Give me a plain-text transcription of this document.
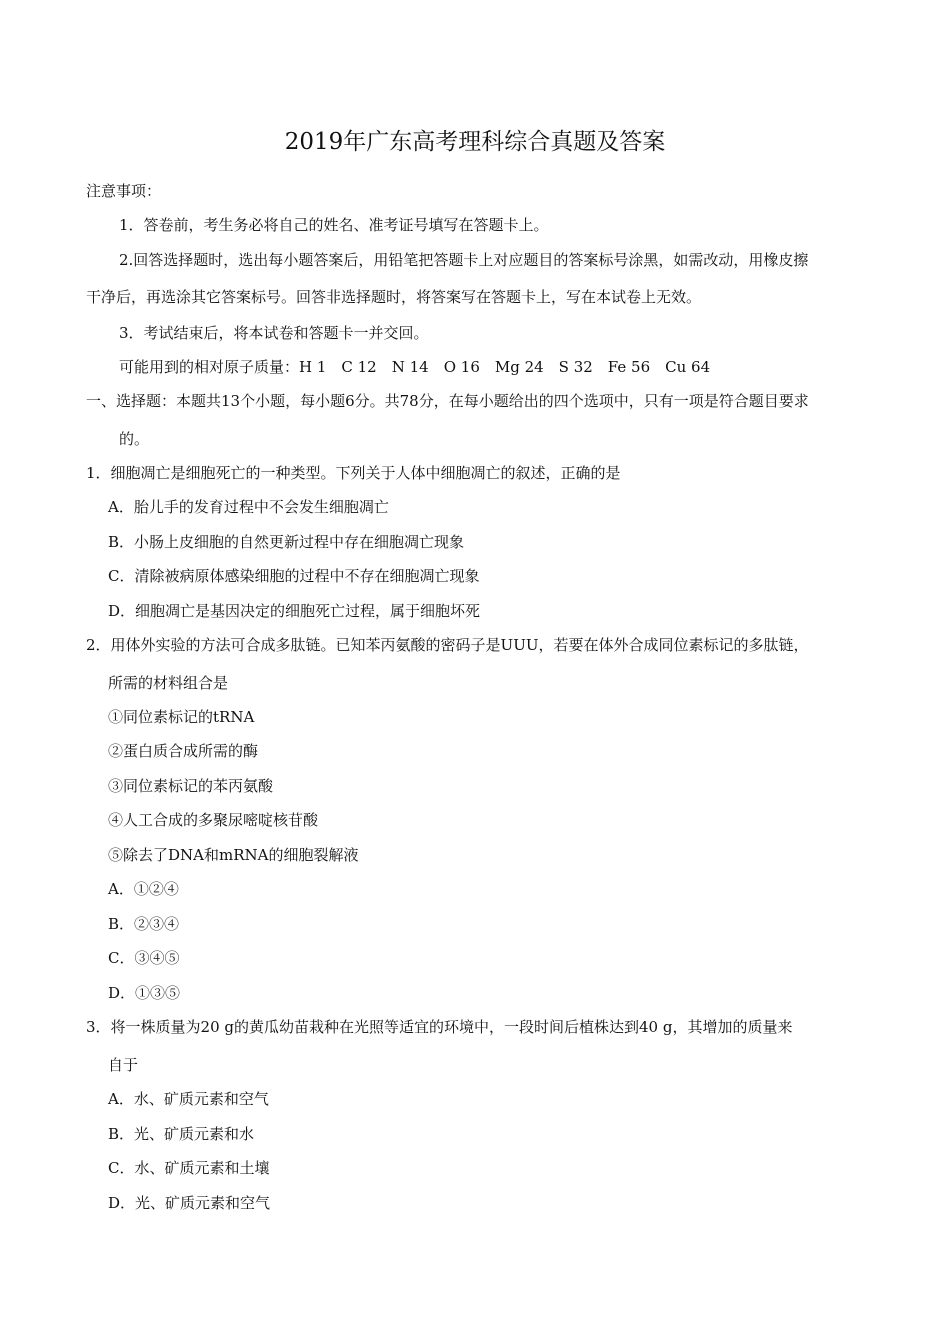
2019年广东高考理科综合真题及答案
注意事项：
1．答卷前，考生务必将自己的姓名、准考证号填写在答题卡上。
2.回答选择题时，选出每小题答案后，用铅笔把答题卡上对应题目的答案标号涂黑，如需改动，用橡皮擦
干净后，再选涂其它答案标号。回答非选择题时，将答案写在答题卡上，写在本试卷上无效。
3．考试结束后，将本试卷和答题卡一并交回。
可能用到的相对原子质量：H 1　C 12　N 14　O 16　Mg 24　S 32　Fe 56　Cu 64
一、选择题：本题共13个小题，每小题6分。共78分，在每小题给出的四个选项中，只有一项是符合题目要求
的。
1．细胞凋亡是细胞死亡的一种类型。下列关于人体中细胞凋亡的叙述，正确的是
A．胎儿手的发育过程中不会发生细胞凋亡
B．小肠上皮细胞的自然更新过程中存在细胞凋亡现象
C．清除被病原体感染细胞的过程中不存在细胞凋亡现象
D．细胞凋亡是基因决定的细胞死亡过程，属于细胞坏死
2．用体外实验的方法可合成多肽链。已知苯丙氨酸的密码子是UUU，若要在体外合成同位素标记的多肽链，
所需的材料组合是
①同位素标记的tRNA
②蛋白质合成所需的酶
③同位素标记的苯丙氨酸
④人工合成的多聚尿嘧啶核苷酸
⑤除去了DNA和mRNA的细胞裂解液
A．①②④
B．②③④
C．③④⑤
D．①③⑤
3．将一株质量为20 g的黄瓜幼苗栽种在光照等适宜的环境中，一段时间后植株达到40 g，其增加的质量来
自于
A．水、矿质元素和空气
B．光、矿质元素和水
C．水、矿质元素和土壤
D．光、矿质元素和空气
